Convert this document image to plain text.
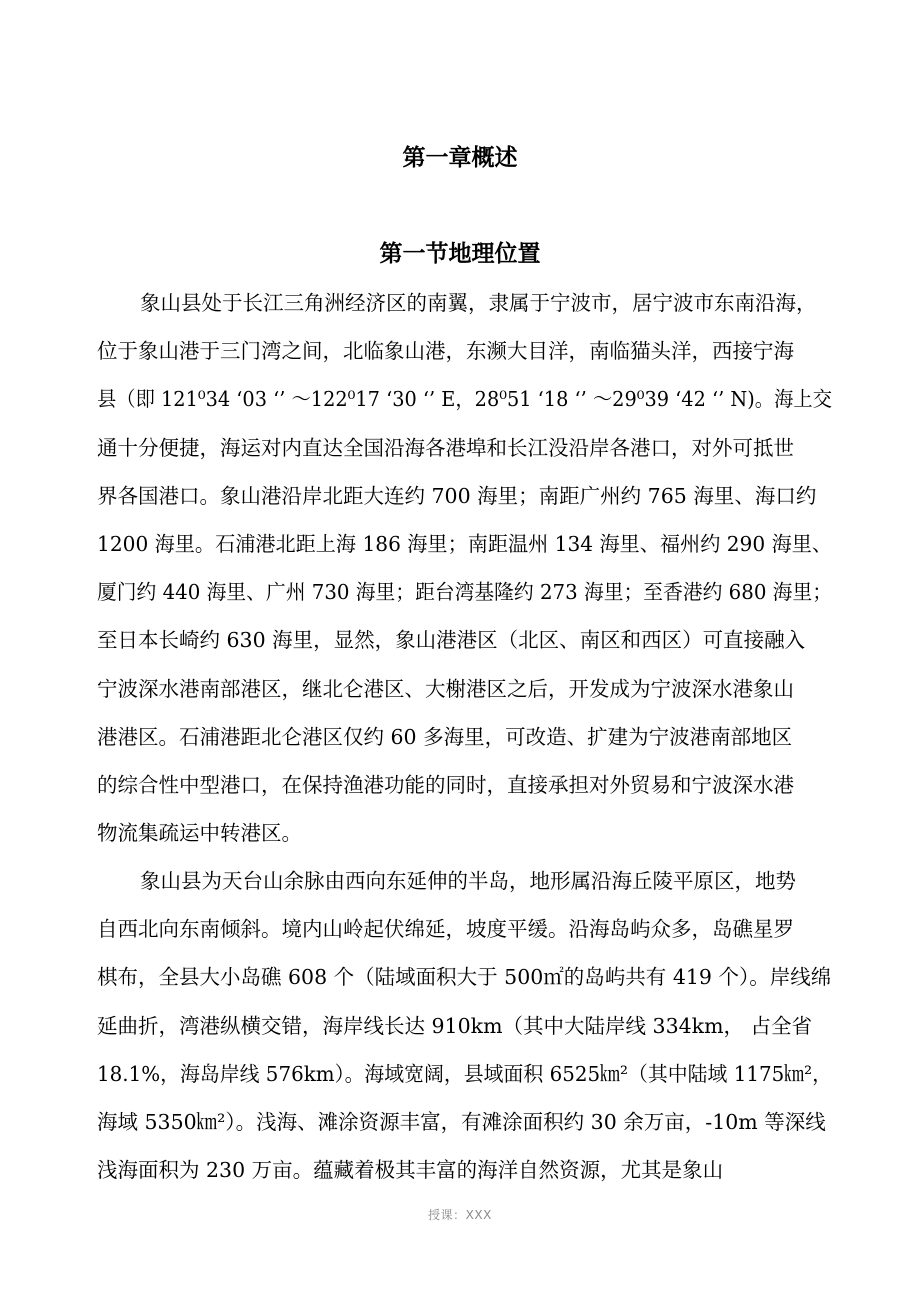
第一章概述
第一节地理位置
象山县处于长江三角洲经济区的南翼，隶属于宁波市，居宁波市东南沿海，
位于象山港于三门湾之间，北临象山港，东濒大目洋，南临猫头洋，西接宁海
县（即 121⁰34 ‘03 ‘’ ～122⁰17 ‘30 ‘’ E，28⁰51 ‘18 ‘’ ～29⁰39 ‘42 ‘’ N)。海上交
通十分便捷，海运对内直达全国沿海各港埠和长江没沿岸各港口，对外可抵世
界各国港口。象山港沿岸北距大连约 700 海里；南距广州约 765 海里、海口约
1200 海里。石浦港北距上海 186 海里；南距温州 134 海里、福州约 290 海里、
厦门约 440 海里、广州 730 海里；距台湾基隆约 273 海里；至香港约 680 海里；
至日本长崎约 630 海里，显然，象山港港区（北区、南区和西区）可直接融入
宁波深水港南部港区，继北仑港区、大榭港区之后，开发成为宁波深水港象山
港港区。石浦港距北仑港区仅约 60 多海里，可改造、扩建为宁波港南部地区
的综合性中型港口，在保持渔港功能的同时，直接承担对外贸易和宁波深水港
物流集疏运中转港区。
象山县为天台山余脉由西向东延伸的半岛，地形属沿海丘陵平原区，地势
自西北向东南倾斜。境内山岭起伏绵延，坡度平缓。沿海岛屿众多，岛礁星罗
棋布，全县大小岛礁 608 个（陆域面积大于 500㎡的岛屿共有 419 个）。岸线绵
延曲折，湾港纵横交错，海岸线长达 910km（其中大陆岸线 334km， 占全省
18.1%，海岛岸线 576km）。海域宽阔，县域面积 6525㎞²（其中陆域 1175㎞²，
海域 5350㎞²）。浅海、滩涂资源丰富，有滩涂面积约 30 余万亩，-10m 等深线
浅海面积为 230 万亩。蕴藏着极其丰富的海洋自然资源，尤其是象山
授课：XXX
